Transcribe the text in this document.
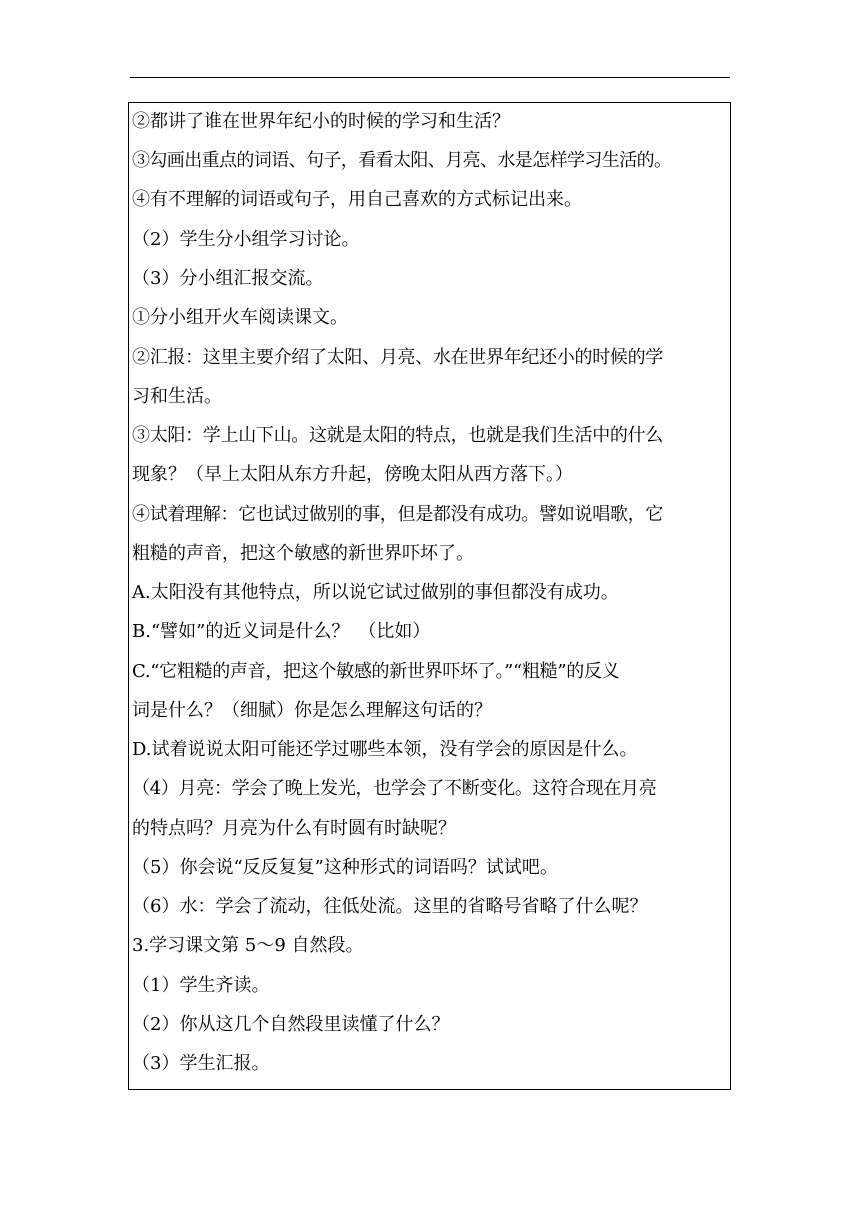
②都讲了谁在世界年纪小的时候的学习和生活？
③勾画出重点的词语、句子，看看太阳、月亮、水是怎样学习生活的。
④有不理解的词语或句子，用自己喜欢的方式标记出来。
（2）学生分小组学习讨论。
（3）分小组汇报交流。
①分小组开火车阅读课文。
②汇报：这里主要介绍了太阳、月亮、水在世界年纪还小的时候的学
习和生活。
③太阳：学上山下山。这就是太阳的特点，也就是我们生活中的什么
现象？（早上太阳从东方升起，傍晚太阳从西方落下。）
④试着理解：它也试过做别的事，但是都没有成功。譬如说唱歌，它
粗糙的声音，把这个敏感的新世界吓坏了。
A.太阳没有其他特点，所以说它试过做别的事但都没有成功。
B.“譬如”的近义词是什么？　（比如）
C.“它粗糙的声音，把这个敏感的新世界吓坏了。”“粗糙”的反义
词是什么？（细腻）你是怎么理解这句话的？
D.试着说说太阳可能还学过哪些本领，没有学会的原因是什么。
（4）月亮：学会了晚上发光，也学会了不断变化。这符合现在月亮
的特点吗？月亮为什么有时圆有时缺呢？
（5）你会说“反反复复”这种形式的词语吗？试试吧。
（6）水：学会了流动，往低处流。这里的省略号省略了什么呢？
3.学习课文第 5～9 自然段。
（1）学生齐读。
（2）你从这几个自然段里读懂了什么？
（3）学生汇报。
